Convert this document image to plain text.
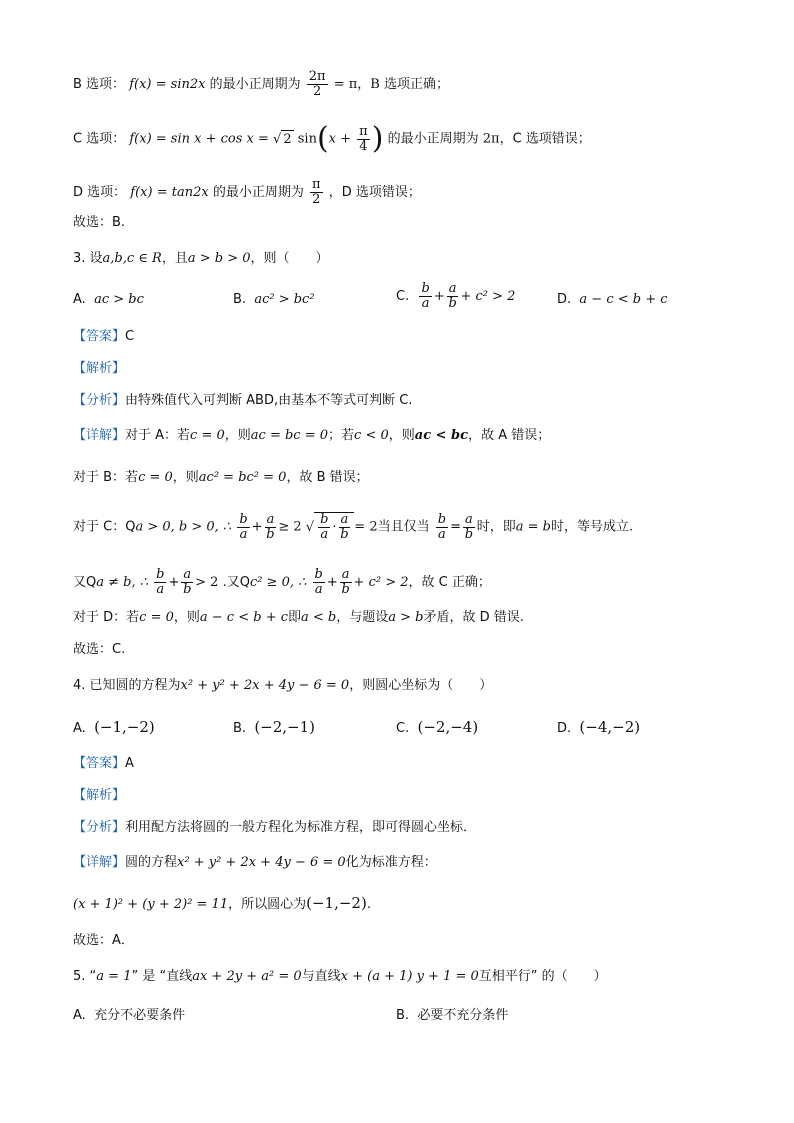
B 选项： f(x) = sin2x 的最小正周期为 $\frac{2\pi}{2} = \pi$，B 选项正确；
C 选项： f(x) = sin x + cos x = √ 2 $\sin(x + \frac{\pi}{4}$ ) 的最小正周期为 2π，C 选项错误；
D 选项： f(x) = tan2x 的最小正周期为 $\frac{\pi}{2}$ ，D 选项错误；
故选：B.
3. 设a,b,c ∈ R，且a > b > 0，则（　　）
A. ac > bc	B. ac² > bc²	C. $\frac{b}{a} + \frac{a}{b} + c^2 > 2$	D. a − c < b + c
【答案】C
【解析】
【分析】由特殊值代入可判断 ABD,由基本不等式可判断 C.
【详解】对于 A：若c = 0，则ac = bc = 0；若c < 0，则ac < bc，故 A 错误；
对于 B：若c = 0，则ac² = bc² = 0，故 B 错误；
对于 C：Qa > 0, b > 0, ∴ $\frac{b}{a} + \frac{a}{b} \ge 2$ √ $\frac{b}{a} \cdot \frac{a}{b} = 2$当且仅当 $\frac{b}{a} = \frac{a}{b}$ 时，即a = b时，等号成立.
又Qa ≠ b, ∴ $\frac{b}{a} + \frac{a}{b} > 2$ .又Qc² ≥ 0, ∴ $\frac{b}{a} + \frac{a}{b} + c^2 > 2$，故 C 正确；
对于 D：若c = 0，则a − c < b + c即a < b，与题设a > b矛盾，故 D 错误.
故选：C.
4. 已知圆的方程为x² + y² + 2x + 4y − 6 = 0，则圆心坐标为（　　）
A. (−1,−2)	B. (−2,−1)	C. (−2,−4)	D. (−4,−2)
【答案】A
【解析】
【分析】利用配方法将圆的一般方程化为标准方程，即可得圆心坐标．
【详解】圆的方程x² + y² + 2x + 4y − 6 = 0化为标准方程：
(x + 1)² + (y + 2)² = 11，所以圆心为(−1,−2).
故选：A．
5. “a = 1” 是 “直线ax + 2y + a² = 0与直线x + (a + 1) y + 1 = 0互相平行” 的（　　）
A. 充分不必要条件	B. 必要不充分条件
